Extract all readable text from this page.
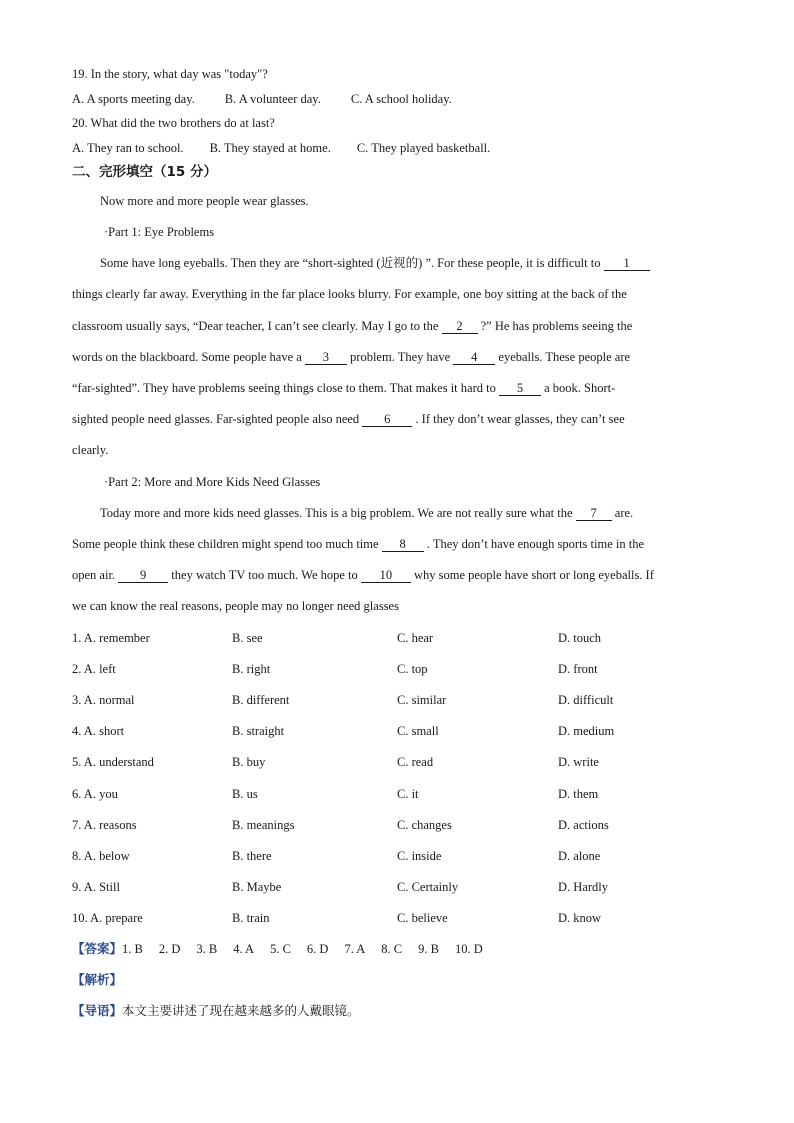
19. In the story, what day was "today"?
A. A sports meeting day. B. A volunteer day. C. A school holiday.
20. What did the two brothers do at last?
A. They ran to school. B. They stayed at home. C. They played basketball.
二、完形填空（15 分）
Now more and more people wear glasses.
·Part 1: Eye Problems
Some have long eyeballs. Then they are “short-sighted (近视的) ”. For these people, it is difficult to 1
things clearly far away. Everything in the far place looks blurry. For example, one boy sitting at the back of the
classroom usually says, “Dear teacher, I can’t see clearly. May I go to the 2 ?” He has problems seeing the
words on the blackboard. Some people have a 3 problem. They have 4 eyeballs. These people are
“far-sighted”. They have problems seeing things close to them. That makes it hard to 5 a book. Short-
sighted people need glasses. Far-sighted people also need 6 . If they don’t wear glasses, they can’t see
clearly.
·Part 2: More and More Kids Need Glasses
Today more and more kids need glasses. This is a big problem. We are not really sure what the 7 are.
Some people think these children might spend too much time 8 . They don’t have enough sports time in the
open air. 9 they watch TV too much. We hope to 10 why some people have short or long eyeballs. If
we can know the real reasons, people may no longer need glasses
1. A. remember	B. see	C. hear	D. touch
2. A. left	B. right	C. top	D. front
3. A. normal	B. different	C. similar	D. difficult
4. A. short	B. straight	C. small	D. medium
5. A. understand	B. buy	C. read	D. write
6. A. you	B. us	C. it	D. them
7. A. reasons	B. meanings	C. changes	D. actions
8. A. below	B. there	C. inside	D. alone
9. A. Still	B. Maybe	C. Certainly	D. Hardly
10. A. prepare	B. train	C. believe	D. know
【答案】1. B 2. D 3. B 4. A 5. C 6. D 7. A 8. C 9. B 10. D
【解析】
【导语】本文主要讲述了现在越来越多的人戴眼镜。
